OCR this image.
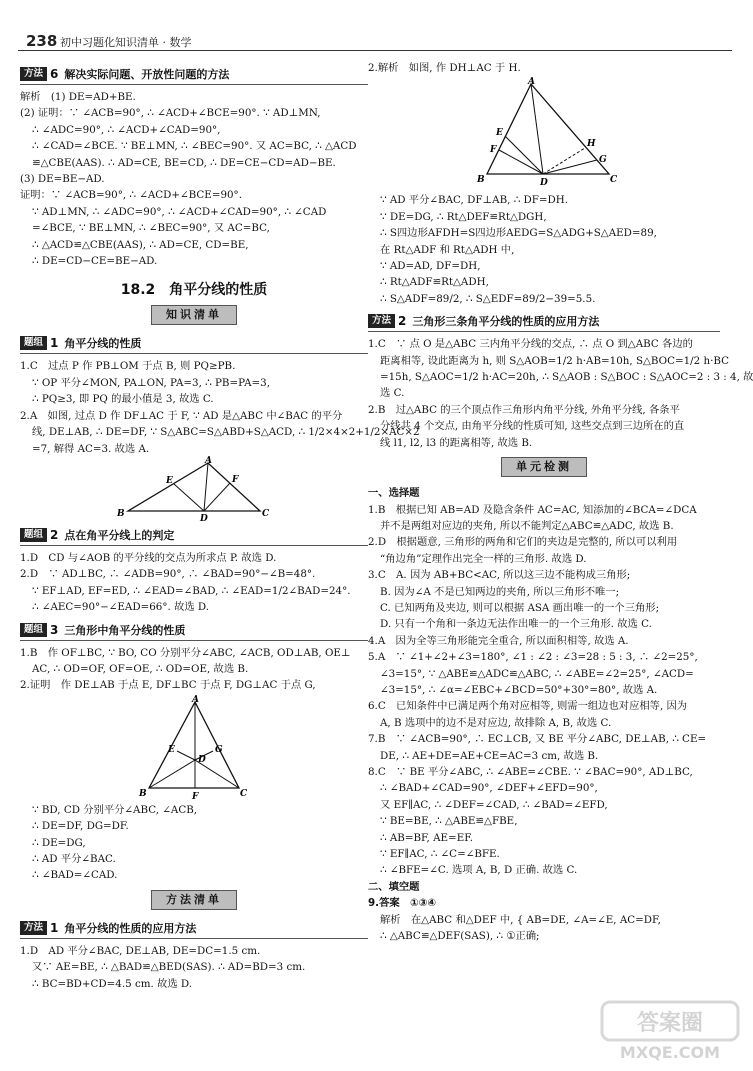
238 初中习题化知识清单 · 数学
方法 6 解决实际问题、开放性问题的方法

解析　(1) DE=AD+BE.

(2) 证明：∵ ∠ACB=90°, ∴ ∠ACD+∠BCE=90°. ∵ AD⊥MN,

∴ ∠ADC=90°, ∴ ∠ACD+∠CAD=90°,

∴ ∠CAD=∠BCE. ∵ BE⊥MN, ∴ ∠BEC=90°. 又 AC=BC, ∴ △ACD

≌△CBE(AAS). ∴ AD=CE, BE=CD, ∴ DE=CE−CD=AD−BE.

(3) DE=BE−AD.

证明：∵ ∠ACB=90°, ∴ ∠ACD+∠BCE=90°.

∵ AD⊥MN, ∴ ∠ADC=90°, ∴ ∠ACD+∠CAD=90°, ∴ ∠CAD

=∠BCE, ∵ BE⊥MN, ∴ ∠BEC=90°, 又 AC=BC,

∴ △ACD≌△CBE(AAS), ∴ AD=CE, CD=BE,

∴ DE=CD−CE=BE−AD.

18.2　角平分线的性质
知识清单
题组 1 角平分线的性质

1.C　过点 P 作 PB⊥OM 于点 B, 则 PQ≥PB.

∵ OP 平分∠MON, PA⊥ON, PA=3, ∴ PB=PA=3,

∴ PQ≥3, 即 PQ 的最小值是 3, 故选 C.

2.A　如图, 过点 D 作 DF⊥AC 于 F, ∵ AD 是△ABC 中∠BAC 的平分

线, DE⊥AB, ∴ DE=DF, ∵ S△ABC=S△ABD+S△ACD, ∴ 1/2×4×2+1/2×AC×2

=7, 解得 AC=3. 故选 A.

A
B	C
D
E	F
题组 2 点在角平分线上的判定

1.D　CD 与∠AOB 的平分线的交点为所求点 P. 故选 D.

2.D　∵ AD⊥BC, ∴ ∠ADB=90°, ∴ ∠BAD=90°−∠B=48°.

∵ EF⊥AD, EF=ED, ∴ ∠EAD=∠BAD, ∴ ∠EAD=1/2∠BAD=24°.

∴ ∠AEC=90°−∠EAD=66°. 故选 D.

题组 3 三角形中角平分线的性质

1.B　作 OF⊥BC, ∵ BO, CO 分别平分∠ABC, ∠ACB, OD⊥AB, OE⊥

AC, ∴ OD=OF, OF=OE, ∴ OD=OE, 故选 B.

2.证明　作 DE⊥AB 于点 E, DF⊥BC 于点 F, DG⊥AC 于点 G,

A
B	C
D
E
F
G

∵ BD, CD 分别平分∠ABC, ∠ACB,

∴ DE=DF, DG=DF.

∴ DE=DG,

∴ AD 平分∠BAC.

∴ ∠BAD=∠CAD.

方法清单
方法 1 角平分线的性质的应用方法

1.D　AD 平分∠BAC, DE⊥AB, DE=DC=1.5 cm.

又∵ AE=BE, ∴ △BAD≌△BED(SAS). ∴ AD=BD=3 cm.

∴ BC=BD+CD=4.5 cm. 故选 D.

2.解析　如图, 作 DH⊥AC 于 H.

A
B	C
D
E
F
G
H

∵ AD 平分∠BAC, DF⊥AB, ∴ DF=DH.

∵ DE=DG, ∴ Rt△DEF≌Rt△DGH,

∴ S四边形AFDH=S四边形AEDG=S△ADG+S△AED=89,

在 Rt△ADF 和 Rt△ADH 中,

∵ AD=AD, DF=DH,

∴ Rt△ADF≌Rt△ADH,

∴ S△ADF=89/2, ∴ S△EDF=89/2−39=5.5.

方法 2 三角形三条角平分线的性质的应用方法

1.C　∵ 点 O 是△ABC 三内角平分线的交点, ∴ 点 O 到△ABC 各边的

距离相等, 设此距离为 h, 则 S△AOB=1/2 h·AB=10h, S△BOC=1/2 h·BC

=15h, S△AOC=1/2 h·AC=20h, ∴ S△AOB : S△BOC : S△AOC=2 : 3 : 4, 故

选 C.

2.B　过△ABC 的三个顶点作三角形内角平分线, 外角平分线, 各条平

分线共 4 个交点, 由角平分线的性质可知, 这些交点到三边所在的直

线 l1, l2, l3 的距离相等, 故选 B.

单元检测

一、选择题

1.B　根据已知 AB=AD 及隐含条件 AC=AC, 知添加的∠BCA=∠DCA

并不是两组对应边的夹角, 所以不能判定△ABC≌△ADC, 故选 B.

2.D　根据题意, 三角形的两角和它们的夹边是完整的, 所以可以利用

“角边角”定理作出完全一样的三角形. 故选 D.

3.C　A. 因为 AB+BC<AC, 所以这三边不能构成三角形;

B. 因为∠A 不是已知两边的夹角, 所以三角形不唯一;

C. 已知两角及夹边, 则可以根据 ASA 画出唯一的一个三角形;

D. 只有一个角和一条边无法作出唯一的一个三角形. 故选 C.

4.A　因为全等三角形能完全重合, 所以面积相等, 故选 A.

5.A　∵ ∠1+∠2+∠3=180°, ∠1 : ∠2 : ∠3=28 : 5 : 3, ∴ ∠2=25°,

∠3=15°, ∵ △ABE≌△ADC≌△ABC, ∴ ∠ABE=∠2=25°, ∠ACD=

∠3=15°, ∴ ∠α=∠EBC+∠BCD=50°+30°=80°, 故选 A.

6.C　已知条件中已满足两个角对应相等, 则需一组边也对应相等, 因为

A, B 选项中的边不是对应边, 故排除 A, B, 故选 C.

7.B　∵ ∠ACB=90°, ∴ EC⊥CB, 又 BE 平分∠ABC, DE⊥AB, ∴ CE=

DE, ∴ AE+DE=AE+CE=AC=3 cm, 故选 B.

8.C　∵ BE 平分∠ABC, ∴ ∠ABE=∠CBE. ∵ ∠BAC=90°, AD⊥BC,

∴ ∠BAD+∠CAD=90°, ∠DEF+∠EFD=90°,

又 EF∥AC, ∴ ∠DEF=∠CAD, ∴ ∠BAD=∠EFD,

∵ BE=BE, ∴ △ABE≌△FBE,

∴ AB=BF, AE=EF.

∵ EF∥AC, ∴ ∠C=∠BFE.

∴ ∠BFE=∠C. 选项 A, B, D 正确. 故选 C.

二、填空题

9.答案　①③④

解析　在△ABC 和△DEF 中, { AB=DE, ∠A=∠E, AC=DF,

∴ △ABC≌△DEF(SAS), ∴ ①正确;

答案圈
MXQE.COM
